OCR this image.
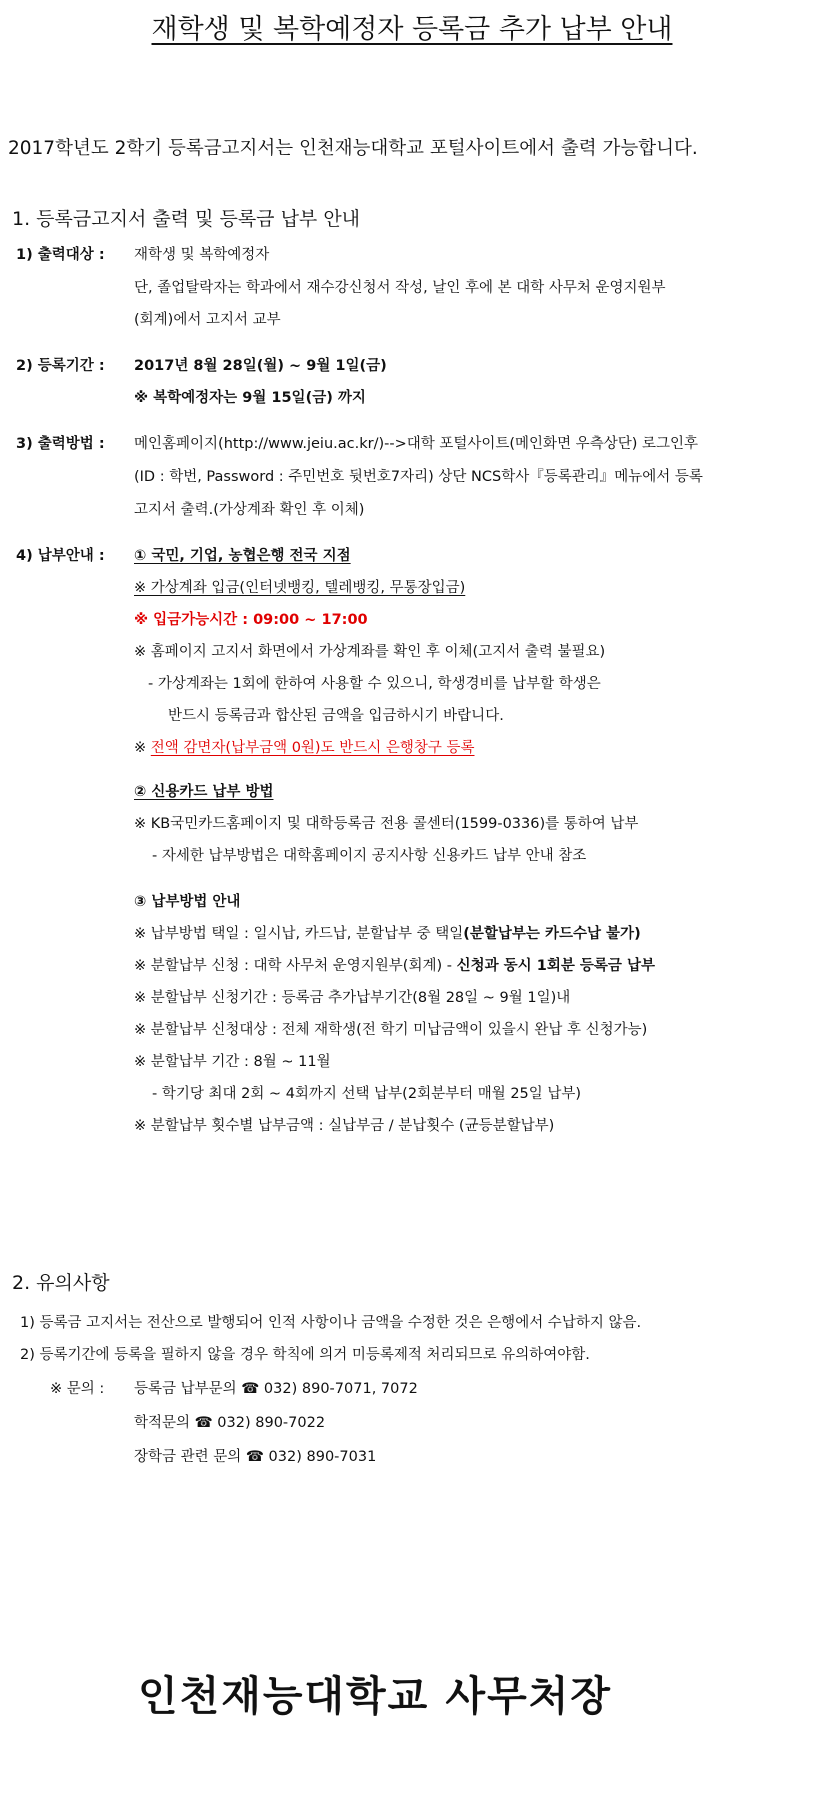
재학생 및 복학예정자 등록금 추가 납부 안내
2017학년도 2학기 등록금고지서는 인천재능대학교 포털사이트에서 출력 가능합니다.
1. 등록금고지서 출력 및 등록금 납부 안내
1) 출력대상 : 재학생 및 복학예정자
단, 졸업탈락자는 학과에서 재수강신청서 작성, 날인 후에 본 대학 사무처 운영지원부
(회계)에서 고지서 교부
2) 등록기간 : 2017년 8월 28일(월) ~ 9월 1일(금)
※ 복학예정자는 9월 15일(금) 까지
3) 출력방법 : 메인홈페이지(http://www.jeiu.ac.kr/)-->대학 포털사이트(메인화면 우측상단) 로그인후
(ID : 학번, Password : 주민번호 뒷번호7자리) 상단 NCS학사『등록관리』메뉴에서 등록
고지서 출력.(가상계좌 확인 후 이체)
4) 납부안내 : ① 국민, 기업, 농협은행 전국 지점
※ 가상계좌 입금(인터넷뱅킹, 텔레뱅킹, 무통장입금)
※ 입금가능시간 : 09:00 ~ 17:00
※ 홈페이지 고지서 화면에서 가상계좌를 확인 후 이체(고지서 출력 불필요)
- 가상계좌는 1회에 한하여 사용할 수 있으니, 학생경비를 납부할 학생은
반드시 등록금과 합산된 금액을 입금하시기 바랍니다.
※ 전액 감면자(납부금액 0원)도 반드시 은행창구 등록
② 신용카드 납부 방법
※ KB국민카드홈페이지 및 대학등록금 전용 콜센터(1599-0336)를 통하여 납부
- 자세한 납부방법은 대학홈페이지 공지사항 신용카드 납부 안내 참조
③ 납부방법 안내
※ 납부방법 택일 : 일시납, 카드납, 분할납부 중 택일(분할납부는 카드수납 불가)
※ 분할납부 신청 : 대학 사무처 운영지원부(회계) - 신청과 동시 1회분 등록금 납부
※ 분할납부 신청기간 : 등록금 추가납부기간(8월 28일 ~ 9월 1일)내
※ 분할납부 신청대상 : 전체 재학생(전 학기 미납금액이 있을시 완납 후 신청가능)
※ 분할납부 기간 : 8월 ~ 11월
- 학기당 최대 2회 ~ 4회까지 선택 납부(2회분부터 매월 25일 납부)
※ 분할납부 횟수별 납부금액 : 실납부금 / 분납횟수 (균등분할납부)
2. 유의사항
1) 등록금 고지서는 전산으로 발행되어 인적 사항이나 금액을 수정한 것은 은행에서 수납하지 않음.
2) 등록기간에 등록을 필하지 않을 경우 학칙에 의거 미등록제적 처리되므로 유의하여야함.
※ 문의 : 등록금 납부문의 ☎ 032) 890-7071, 7072
학적문의 ☎ 032) 890-7022
장학금 관련 문의 ☎ 032) 890-7031
인천재능대학교 사무처장
